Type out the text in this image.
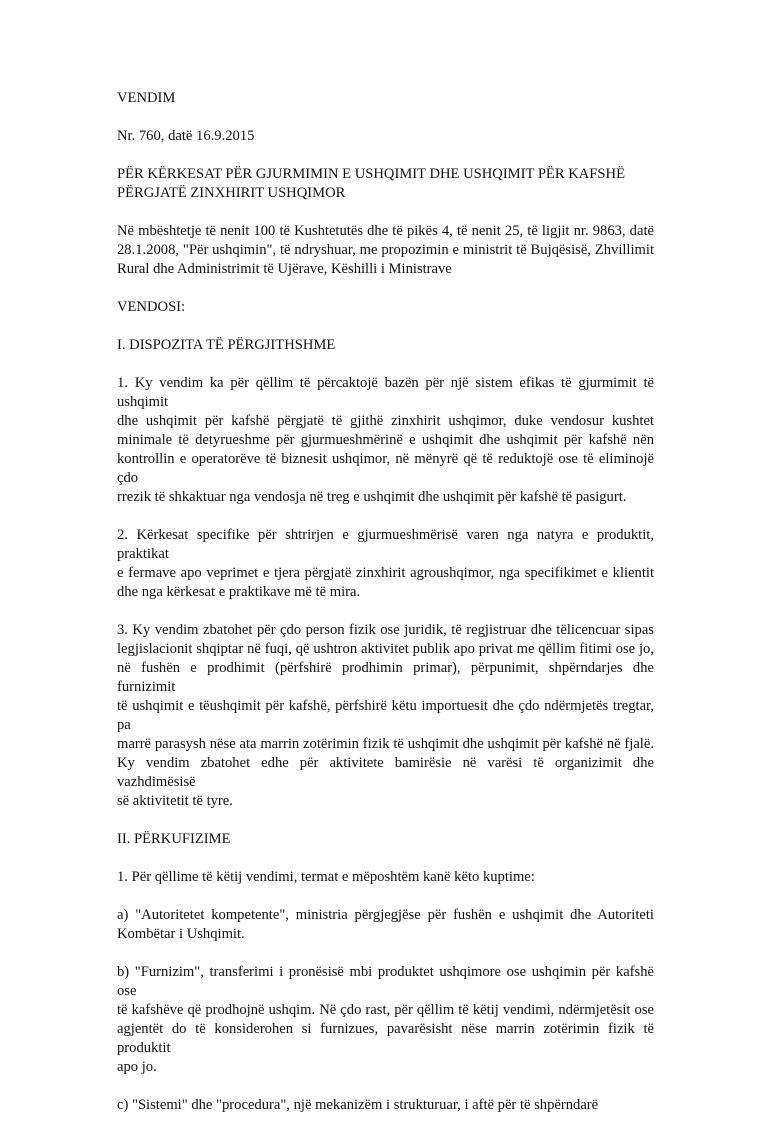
VENDIM
Nr. 760, datë 16.9.2015
PËR KËRKESAT PËR GJURMIMIN E USHQIMIT DHE USHQIMIT PËR KAFSHË
PËRGJATË ZINXHIRIT USHQIMOR
Në mbështetje të nenit 100 të Kushtetutës dhe të pikës 4, të nenit 25, të ligjit nr. 9863, datë
28.1.2008, "Për ushqimin", të ndryshuar, me propozimin e ministrit të Bujqësisë, Zhvillimit
Rural dhe Administrimit të Ujërave, Këshilli i Ministrave
VENDOSI:
I. DISPOZITA TË PËRGJITHSHME
1. Ky vendim ka për qëllim të përcaktojë bazën për një sistem efikas të gjurmimit të ushqimit
dhe ushqimit për kafshë përgjatë të gjithë zinxhirit ushqimor, duke vendosur kushtet
minimale të detyrueshme për gjurmueshmërinë e ushqimit dhe ushqimit për kafshë nën
kontrollin e operatorëve të biznesit ushqimor, në mënyrë që të reduktojë ose të eliminojë çdo
rrezik të shkaktuar nga vendosja në treg e ushqimit dhe ushqimit për kafshë të pasigurt.
2. Kërkesat specifike për shtrirjen e gjurmueshmërisë varen nga natyra e produktit, praktikat
e fermave apo veprimet e tjera përgjatë zinxhirit agroushqimor, nga specifikimet e klientit
dhe nga kërkesat e praktikave më të mira.
3. Ky vendim zbatohet për çdo person fizik ose juridik, të regjistruar dhe tëlicencuar sipas
legjislacionit shqiptar në fuqi, që ushtron aktivitet publik apo privat me qëllim fitimi ose jo,
në fushën e prodhimit (përfshirë prodhimin primar), përpunimit, shpërndarjes dhe furnizimit
të ushqimit e tëushqimit për kafshë, përfshirë këtu importuesit dhe çdo ndërmjetës tregtar, pa
marrë parasysh nëse ata marrin zotërimin fizik të ushqimit dhe ushqimit për kafshë në fjalë.
Ky vendim zbatohet edhe për aktivitete bamirësie në varësi të organizimit dhe vazhdimësisë
së aktivitetit të tyre.
II. PËRKUFIZIME
1. Për qëllime të këtij vendimi, termat e mëposhtëm kanë këto kuptime:
a) "Autoritetet kompetente", ministria përgjegjëse për fushën e ushqimit dhe Autoriteti
Kombëtar i Ushqimit.
b) "Furnizim", transferimi i pronësisë mbi produktet ushqimore ose ushqimin për kafshë ose
të kafshëve që prodhojnë ushqim. Në çdo rast, për qëllim të këtij vendimi, ndërmjetësit ose
agjentët do të konsiderohen si furnizues, pavarësisht nëse marrin zotërimin fizik të produktit
apo jo.
c) "Sistemi" dhe "procedura", një mekanizëm i strukturuar, i aftë për të shpërndarë
